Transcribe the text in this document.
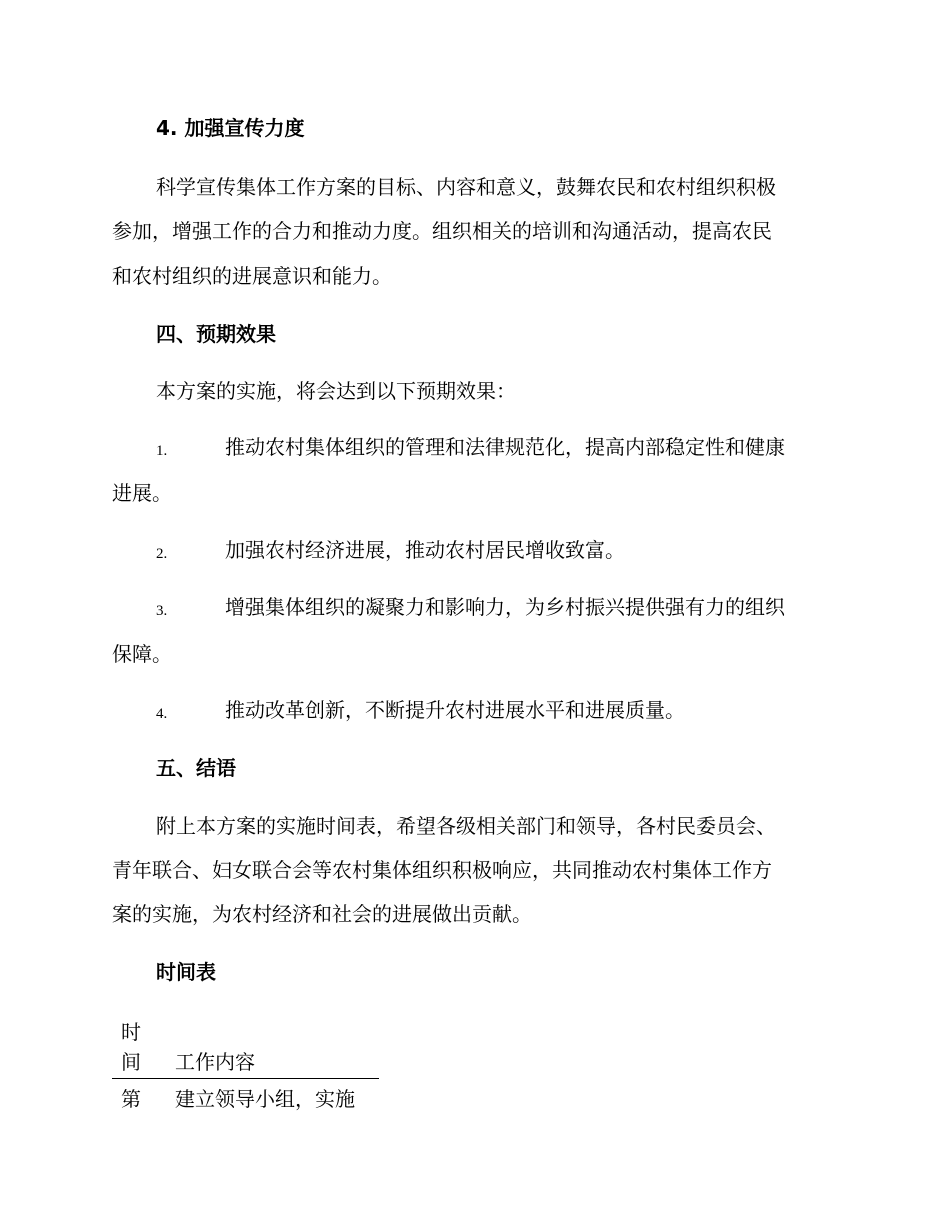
4. 加强宣传力度
科学宣传集体工作方案的目标、内容和意义，鼓舞农民和农村组织积极
参加，增强工作的合力和推动力度。组织相关的培训和沟通活动，提高农民
和农村组织的进展意识和能力。
四、预期效果
本方案的实施，将会达到以下预期效果：
1.	推动农村集体组织的管理和法律规范化，提高内部稳定性和健康
进展。
2.	加强农村经济进展，推动农村居民增收致富。
3.	增强集体组织的凝聚力和影响力，为乡村振兴提供强有力的组织
保障。
4.	推动改革创新，不断提升农村进展水平和进展质量。
五、结语
附上本方案的实施时间表，希望各级相关部门和领导，各村民委员会、
青年联合、妇女联合会等农村集体组织积极响应，共同推动农村集体工作方
案的实施，为农村经济和社会的进展做出贡献。
时间表
时
间 工作内容
第 建立领导小组，实施
